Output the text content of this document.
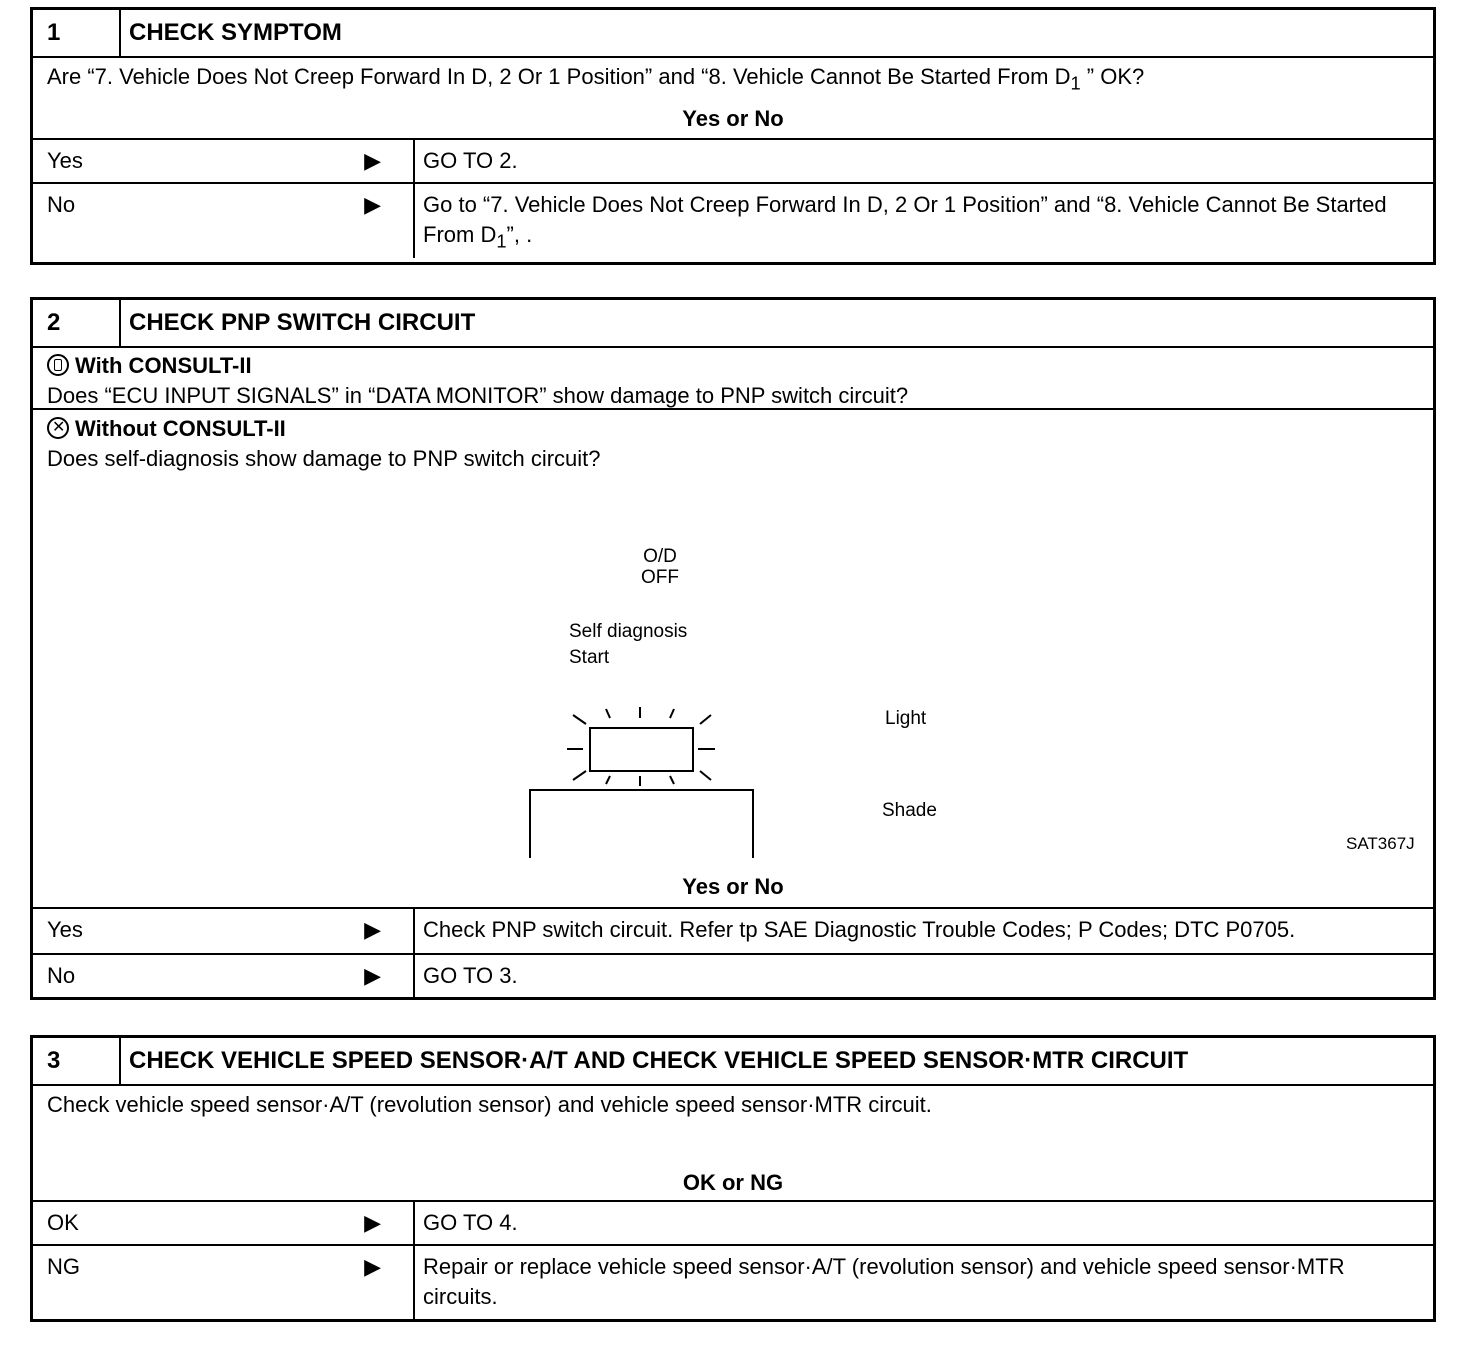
1	CHECK SYMPTOM
Are “7. Vehicle Does Not Creep Forward In D, 2 Or 1 Position” and “8. Vehicle Cannot Be Started From $D_1$ ” OK?
Yes or No
Yes	▶	GO TO 2.
No	▶	Go to “7. Vehicle Does Not Creep Forward In D, 2 Or 1 Position” and “8. Vehicle Cannot Be Started From $D_1$”, .
2	CHECK PNP SWITCH CIRCUIT
With CONSULT-II
Does “ECU INPUT SIGNALS” in “DATA MONITOR” show damage to PNP switch circuit?
✕Without CONSULT-II
Does self-diagnosis show damage to PNP switch circuit?
O/D
OFF
Self diagnosis
Start
Light
Shade
SAT367J
Yes or No
Yes	▶	Check PNP switch circuit. Refer tp SAE Diagnostic Trouble Codes; P Codes; DTC P0705.
No	▶	GO TO 3.
3	CHECK VEHICLE SPEED SENSOR·A/T AND CHECK VEHICLE SPEED SENSOR·MTR CIRCUIT
Check vehicle speed sensor·A/T (revolution sensor) and vehicle speed sensor·MTR circuit.
OK or NG
OK	▶	GO TO 4.
NG	▶	Repair or replace vehicle speed sensor·A/T (revolution sensor) and vehicle speed sensor·MTR circuits.
